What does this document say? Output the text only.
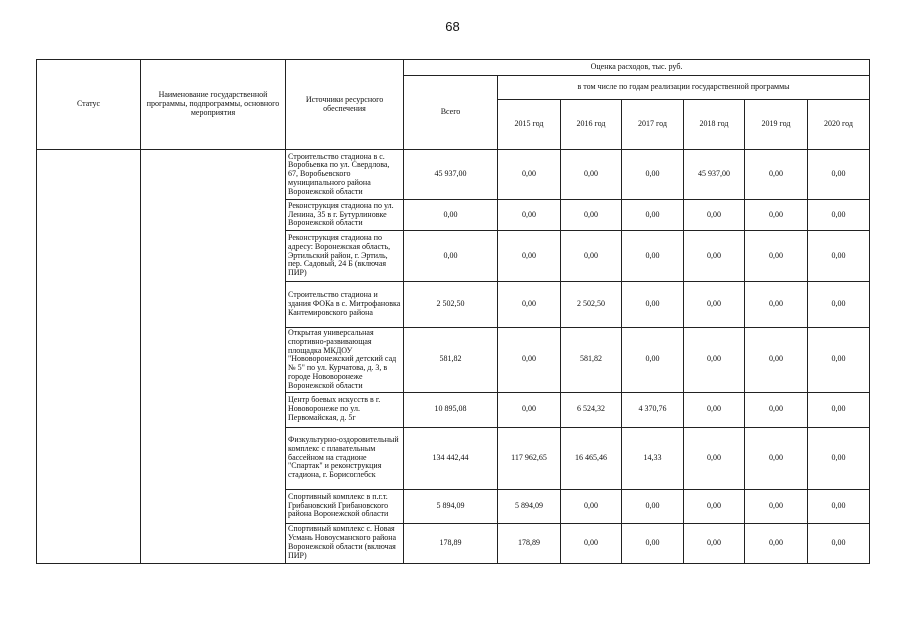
68
Статус	Наименование государственной программы, подпрограммы, основного мероприятия	Источники ресурсного обеспечения	Оценка расходов, тыс. руб.						
			Всего	в том числе по годам реализации государственной программы					
				2015 год	2016 год	2017 год	2018 год	2019 год	2020 год
		Строительство стадиона в с. Воробьевка по ул. Свердлова, 67, Воробьевского муниципального района Воронежской области	45 937,00	0,00	0,00	0,00	45 937,00	0,00	0,00
		Реконструкция стадиона по ул. Ленина, 35 в г. Бутурлиновке Воронежской области	0,00	0,00	0,00	0,00	0,00	0,00	0,00
		Реконструкция стадиона по адресу: Воронежская область, Эртильский район, г. Эртиль, пер. Садовый, 24 Б (включая ПИР)	0,00	0,00	0,00	0,00	0,00	0,00	0,00
		Строительство стадиона и здания ФОКа в с. Митрофановка Кантемировского района	2 502,50	0,00	2 502,50	0,00	0,00	0,00	0,00
		Открытая универсальная спортивно-развивающая площадка МКДОУ "Нововоронежский детский сад № 5" по ул. Курчатова, д. 3, в городе Нововоронеже Воронежской области	581,82	0,00	581,82	0,00	0,00	0,00	0,00
		Центр боевых искусств в г. Нововоронеже по ул. Первомайская, д. 5г	10 895,08	0,00	6 524,32	4 370,76	0,00	0,00	0,00
		Физкультурно-оздоровительный комплекс с плавательным бассейном на стадионе "Спартак" и реконструкция стадиона, г. Борисоглебск	134 442,44	117 962,65	16 465,46	14,33	0,00	0,00	0,00
		Спортивный комплекс в п.г.т. Грибановский Грибановского района Воронежской области	5 894,09	5 894,09	0,00	0,00	0,00	0,00	0,00
		Спортивный комплекс с. Новая Усмань Новоусманского района Воронежской области (включая ПИР)	178,89	178,89	0,00	0,00	0,00	0,00	0,00
